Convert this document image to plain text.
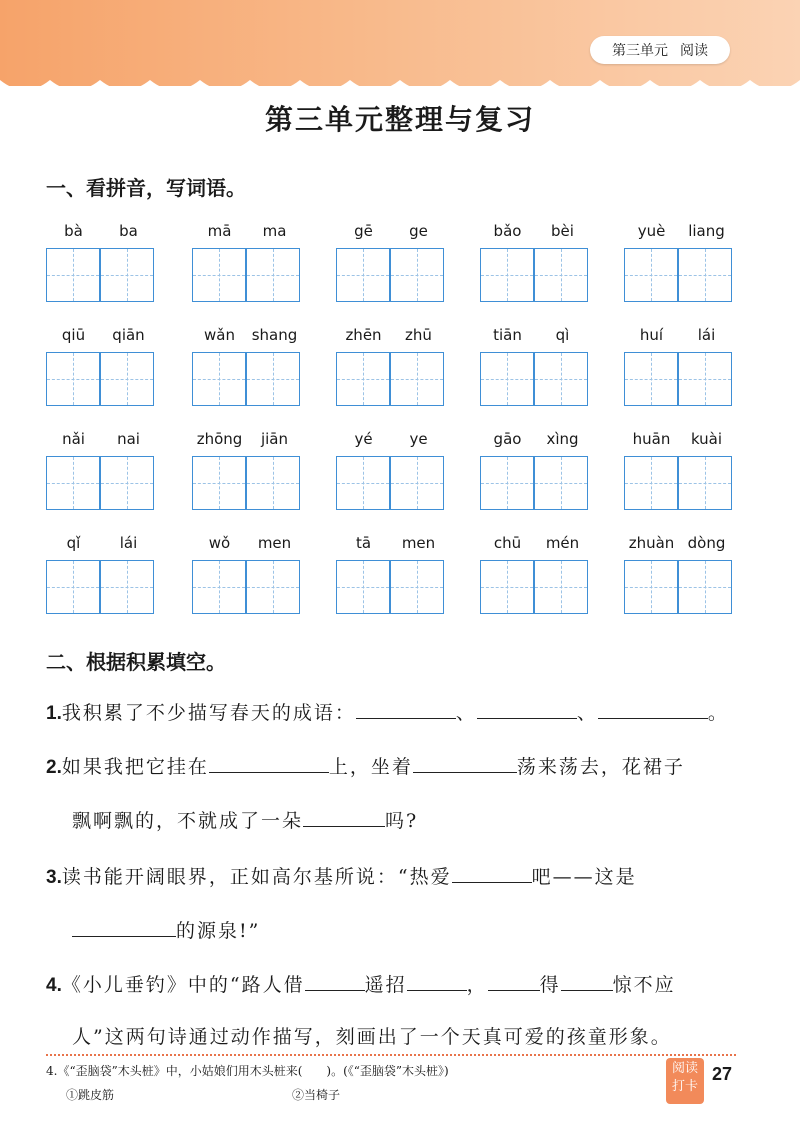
第三单元 阅读
第三单元整理与复习
一、看拼音，写词语。
bà	ba	mā	ma	gē	ge	bǎo	bèi	yuè	liang
qiū	qiān	wǎn	shang	zhēn	zhū	tiān	qì	huí	lái
nǎi	nai	zhōng	jiān	yé	ye	gāo	xìng	huān	kuài
qǐ	lái	wǒ	men	tā	men	chū	mén	zhuàn dòng
二、根据积累填空。
1.我积累了不少描写春天的成语：	、	、	。
2.如果我把它挂在	上，坐着	荡来荡去，花裙子
飘啊飘的，不就成了一朵	吗?
3.读书能开阔眼界，正如高尔基所说：“热爱	吧——这是
的源泉!”
4.《小儿垂钓》中的“路人借	遥招	，	得	惊不应
人”这两句诗通过动作描写，刻画出了一个天真可爱的孩童形象。
4.《“歪脑袋”木头桩》中，小姑娘们用木头桩来(　　)。(《“歪脑袋”木头桩》)
①跳皮筋	②当椅子
阅读
打卡
27
